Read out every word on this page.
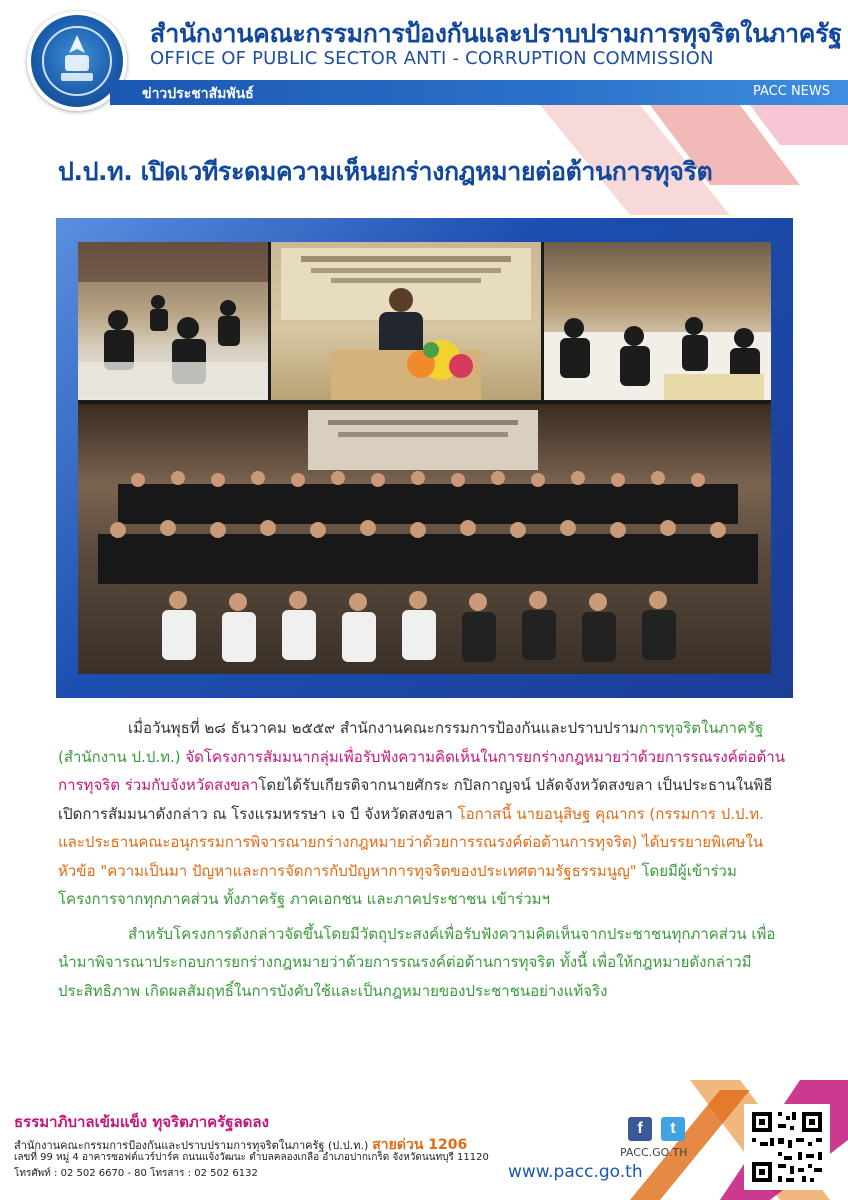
สำนักงานคณะกรรมการป้องกันและปราบปรามการทุจริตในภาครัฐ
OFFICE OF PUBLIC SECTOR ANTI - CORRUPTION COMMISSION
ข่าวประชาสัมพันธ์	PACC NEWS
ป.ป.ท. เปิดเวทีระดมความเห็นยกร่างกฎหมายต่อต้านการทุจริต

เมื่อวันพุธที่ ๒๘ ธันวาคม ๒๕๕๙ สำนักงานคณะกรรมการป้องกันและปราบปรามการทุจริตในภาครัฐ (สำนักงาน ป.ป.ท.) จัดโครงการสัมมนากลุ่มเพื่อรับฟังความคิดเห็นในการยกร่างกฎหมายว่าด้วยการรณรงค์ต่อต้านการทุจริต ร่วมกับจังหวัดสงขลาโดยได้รับเกียรติจากนายศักระ กปิลกาญจน์ ปลัดจังหวัดสงขลา เป็นประธานในพิธีเปิดการสัมมนาดังกล่าว ณ โรงแรมหรรษา เจ บี จังหวัดสงขลา โอกาสนี้ นายอนุสิษฐ คุณากร (กรรมการ ป.ป.ท. และประธานคณะอนุกรรมการพิจารณายกร่างกฎหมายว่าด้วยการรณรงค์ต่อต้านการทุจริต) ได้บรรยายพิเศษในหัวข้อ "ความเป็นมา ปัญหาและการจัดการกับปัญหาการทุจริตของประเทศตามรัฐธรรมนูญ" โดยมีผู้เข้าร่วมโครงการจากทุกภาคส่วน ทั้งภาครัฐ ภาคเอกชน และภาคประชาชน เข้าร่วมฯ

สำหรับโครงการดังกล่าวจัดขึ้นโดยมีวัตถุประสงค์เพื่อรับฟังความคิดเห็นจากประชาชนทุกภาคส่วน เพื่อนำมาพิจารณาประกอบการยกร่างกฎหมายว่าด้วยการรณรงค์ต่อต้านการทุจริต ทั้งนี้ เพื่อให้กฎหมายดังกล่าวมีประสิทธิภาพ เกิดผลสัมฤทธิ์ในการบังคับใช้และเป็นกฎหมายของประชาชนอย่างแท้จริง

ธรรมาภิบาลเข้มแข็ง ทุจริตภาครัฐลดลง
สำนักงานคณะกรรมการป้องกันและปราบปรามการทุจริตในภาครัฐ (ป.ป.ท.) สายด่วน 1206
เลขที่ 99 หมู่ 4 อาคารซอฟต์แวร์ปาร์ค ถนนแจ้งวัฒนะ ตำบลคลองเกลือ อำเภอปากเกร็ด จังหวัดนนทบุรี 11120
โทรศัพท์ : 02 502 6670 - 80 โทรสาร : 02 502 6132
f	t
PACC.GO.TH
www.pacc.go.th
